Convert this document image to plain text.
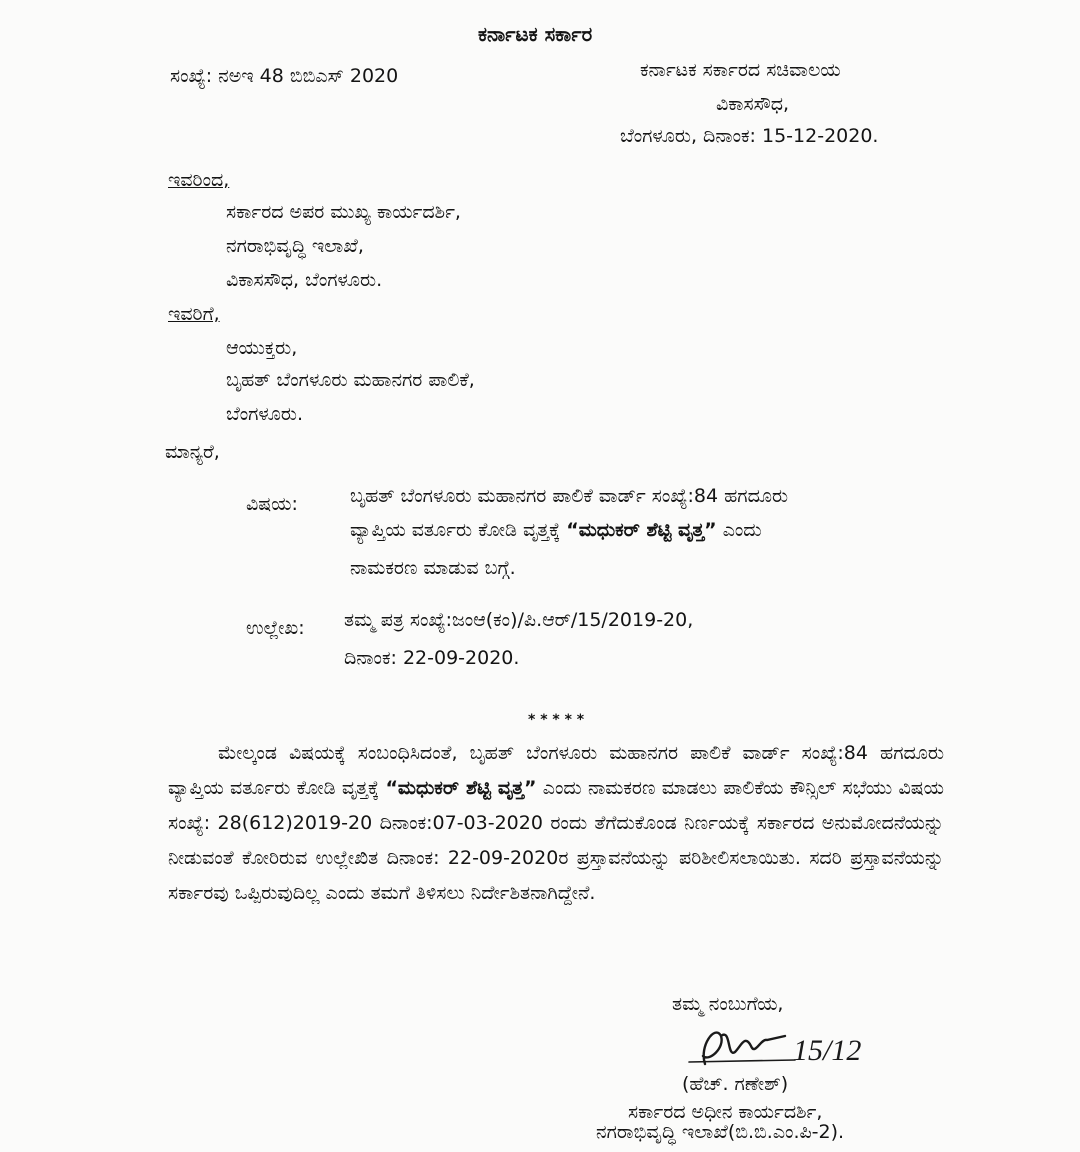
ಕರ್ನಾಟಕ ಸರ್ಕಾರ
ಸಂಖ್ಯೆ: ನಅಇ 48 ಬಿಬಿಎಸ್ 2020	ಕರ್ನಾಟಕ ಸರ್ಕಾರದ ಸಚಿವಾಲಯ
ವಿಕಾಸಸೌಧ,
ಬೆಂಗಳೂರು, ದಿನಾಂಕ: 15-12-2020.
ಇವರಿಂದ,
ಸರ್ಕಾರದ ಅಪರ ಮುಖ್ಯ ಕಾರ್ಯದರ್ಶಿ,
ನಗರಾಭಿವೃದ್ಧಿ ಇಲಾಖೆ,
ವಿಕಾಸಸೌಧ, ಬೆಂಗಳೂರು.
ಇವರಿಗೆ,
ಆಯುಕ್ತರು,
ಬೃಹತ್ ಬೆಂಗಳೂರು ಮಹಾನಗರ ಪಾಲಿಕೆ,
ಬೆಂಗಳೂರು.
ಮಾನ್ಯರೆ,
ವಿಷಯ:	ಬೃಹತ್ ಬೆಂಗಳೂರು ಮಹಾನಗರ ಪಾಲಿಕೆ ವಾರ್ಡ್ ಸಂಖ್ಯೆ:84 ಹಗದೂರು
ವ್ಯಾಪ್ತಿಯ ವರ್ತೂರು ಕೋಡಿ ವೃತ್ತಕ್ಕೆ “ಮಧುಕರ್ ಶೆಟ್ಟಿ ವೃತ್ತ” ಎಂದು
ನಾಮಕರಣ ಮಾಡುವ ಬಗ್ಗೆ.
ಉಲ್ಲೇಖ: ತಮ್ಮ ಪತ್ರ ಸಂಖ್ಯೆ:ಜಂಆ(ಕಂ)/ಪಿ.ಆರ್/15/2019-20,
ದಿನಾಂಕ: 22-09-2020.
* * * * *
ಮೇಲ್ಕಂಡ ವಿಷಯಕ್ಕೆ ಸಂಬಂಧಿಸಿದಂತೆ, ಬೃಹತ್ ಬೆಂಗಳೂರು ಮಹಾನಗರ ಪಾಲಿಕೆ ವಾರ್ಡ್ ಸಂಖ್ಯೆ:84 ಹಗದೂರು ವ್ಯಾಪ್ತಿಯ ವರ್ತೂರು ಕೋಡಿ ವೃತ್ತಕ್ಕೆ “ಮಧುಕರ್ ಶೆಟ್ಟಿ ವೃತ್ತ” ಎಂದು ನಾಮಕರಣ ಮಾಡಲು ಪಾಲಿಕೆಯ ಕೌನ್ಸಿಲ್ ಸಭೆಯು ವಿಷಯ ಸಂಖ್ಯೆ: 28(612)2019-20 ದಿನಾಂಕ:07-03-2020 ರಂದು ತೆಗೆದುಕೊಂಡ ನಿರ್ಣಯಕ್ಕೆ ಸರ್ಕಾರದ ಅನುಮೋದನೆಯನ್ನು ನೀಡುವಂತೆ ಕೋರಿರುವ ಉಲ್ಲೇಖಿತ ದಿನಾಂಕ: 22-09-2020ರ ಪ್ರಸ್ತಾವನೆಯನ್ನು ಪರಿಶೀಲಿಸಲಾಯಿತು. ಸದರಿ ಪ್ರಸ್ತಾವನೆಯನ್ನು ಸರ್ಕಾರವು ಒಪ್ಪಿರುವುದಿಲ್ಲ ಎಂದು ತಮಗೆ ತಿಳಿಸಲು ನಿರ್ದೇಶಿತನಾಗಿದ್ದೇನೆ.
ತಮ್ಮ ನಂಬುಗೆಯ,
15/12
(ಹೆಚ್. ಗಣೇಶ್)
ಸರ್ಕಾರದ ಅಧೀನ ಕಾರ್ಯದರ್ಶಿ,
ನಗರಾಭಿವೃದ್ಧಿ ಇಲಾಖೆ(ಬಿ.ಬಿ.ಎಂ.ಪಿ-2).
